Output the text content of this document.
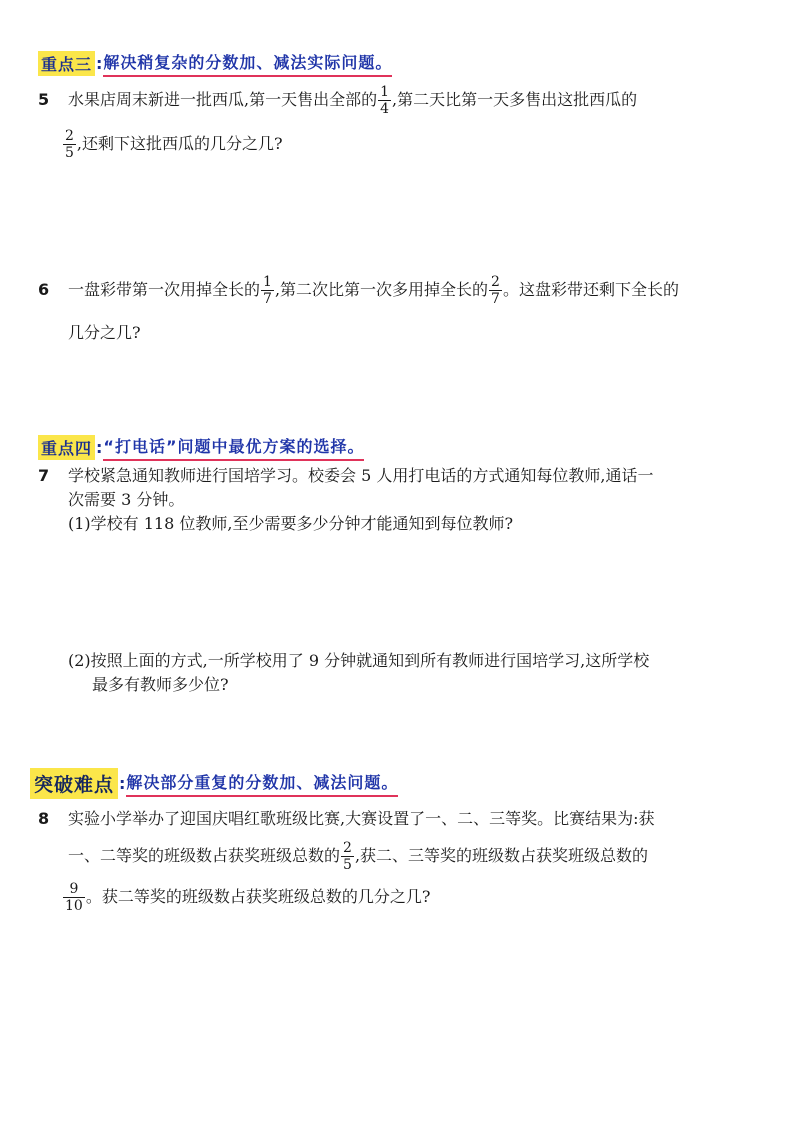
重点三 : 解决稍复杂的分数加、减法实际问题。
5 水果店周末新进一批西瓜,第一天售出全部的 $\frac{1}{4}$ ,第二天比第一天多售出这批西瓜的
$\frac{2}{5}$ ,还剩下这批西瓜的几分之几?
6 一盘彩带第一次用掉全长的 $\frac{1}{7}$ ,第二次比第一次多用掉全长的 $\frac{2}{7}$ 。这盘彩带还剩下全长的
几分之几?
重点四 : “打电话”问题中最优方案的选择。
7 学校紧急通知教师进行国培学习。校委会 5 人用打电话的方式通知每位教师,通话一
次需要 3 分钟。
(1)学校有 118 位教师,至少需要多少分钟才能通知到每位教师?
(2)按照上面的方式,一所学校用了 9 分钟就通知到所有教师进行国培学习,这所学校
最多有教师多少位?
突破难点 : 解决部分重复的分数加、减法问题。
8 实验小学举办了迎国庆唱红歌班级比赛,大赛设置了一、二、三等奖。比赛结果为:获
一、二等奖的班级数占获奖班级总数的 $\frac{2}{5}$ ,获二、三等奖的班级数占获奖班级总数的
$\frac{9}{10}$ 。获二等奖的班级数占获奖班级总数的几分之几?
